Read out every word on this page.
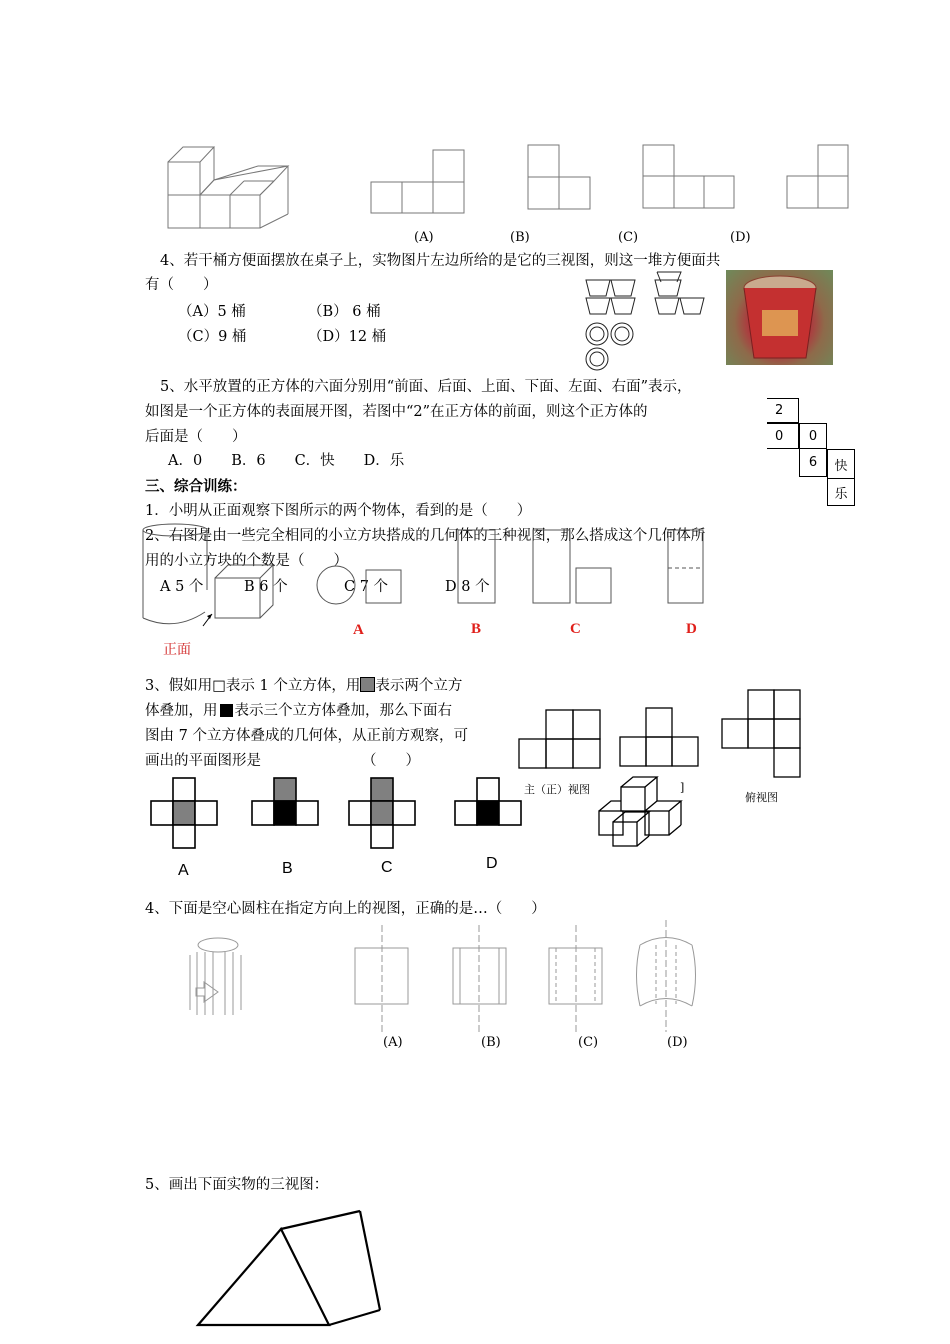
(A)	(B)	(C)	(D)
4、若干桶方便面摆放在桌子上，实物图片左边所给的是它的三视图，则这一堆方便面共
有（　　）
（A）5 桶	（B） 6 桶
（C）9 桶	（D）12 桶
5、水平放置的正方体的六面分别用“前面、后面、上面、下面、左面、右面”表示，
如图是一个正方体的表面展开图，若图中“2”在正方体的前面，则这个正方体的
后面是（　　）
A．0　　B．6　　C．快　　D．乐
2
0	0
6	快
乐
三、综合训练：
1．小明从正面观察下图所示的两个物体，看到的是（　　）
2、右图是由一些完全相同的小立方块搭成的几何体的三种视图，那么搭成这个几何体所
用的小立方块的个数是（　　）
A 5 个	B 6 个	C 7 个	D 8 个
正面
A	B	C	D
3、假如用□表示 1 个立方体，用 表示两个立方
体叠加，用 表示三个立方体叠加，那么下面右
图由 7 个立方体叠成的几何体，从正前方观察，可
画出的平面图形是	（　　）
主（正）视图	]
俯视图
A	B	C	D
4、下面是空心圆柱在指定方向上的视图，正确的是…（　　）
(A)	(B)	(C)	(D)
5、画出下面实物的三视图：
